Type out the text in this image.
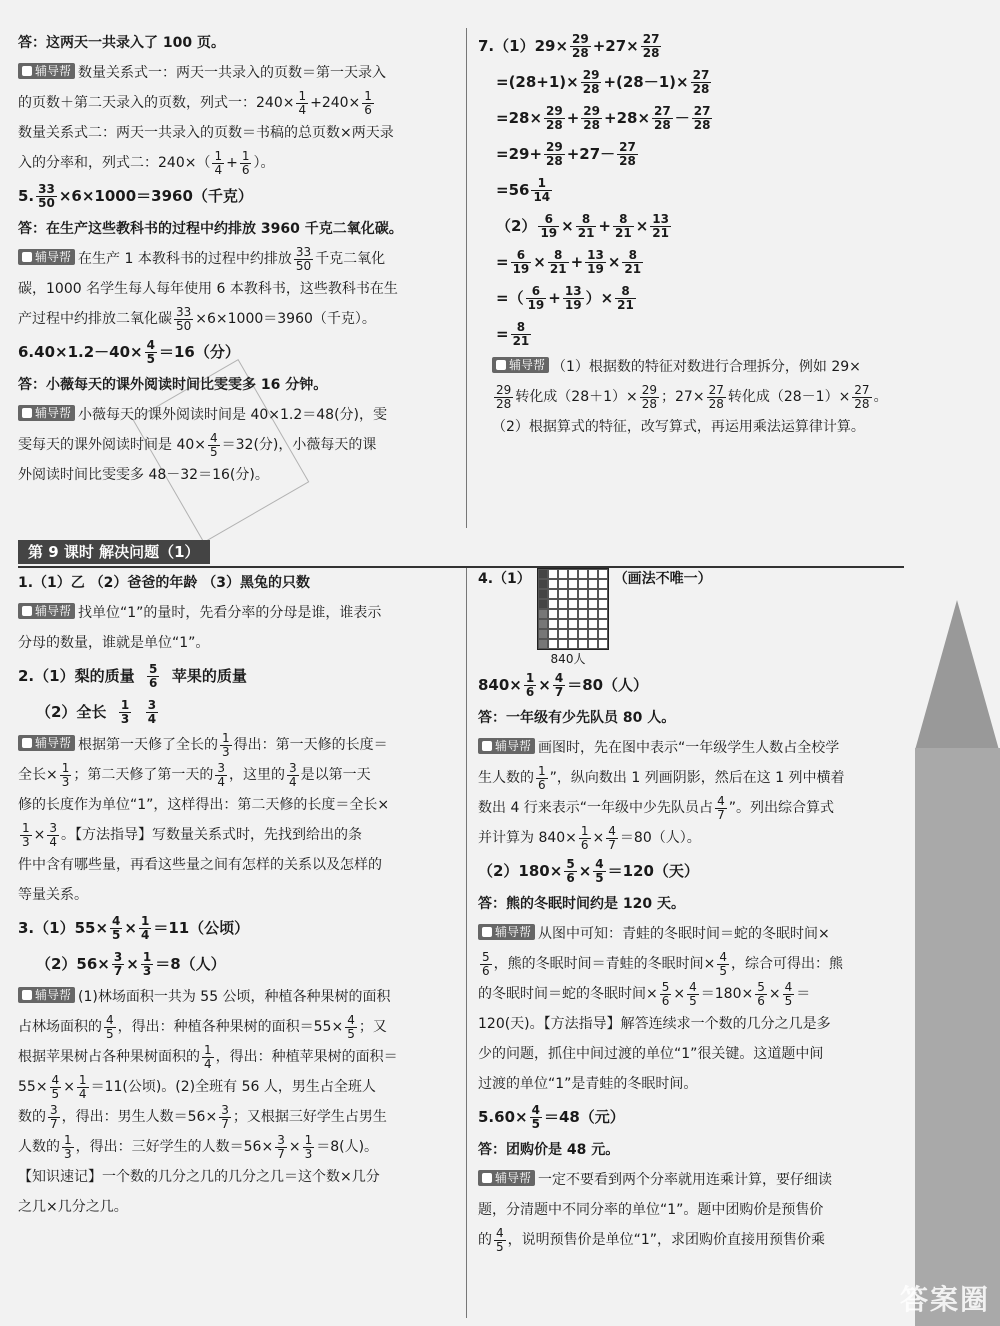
答：这两天一共录入了 100 页。
辅导帮 数量关系式一：两天一共录入的页数＝第一天录入
的页数＋第二天录入的页数，列式一：$240\times \frac{1}{4} +240\times \frac{1}{6}$
数量关系式二：两天一共录入的页数＝书稿的总页数×两天录
入的分率和，列式二：$240\times( \frac{1}{4} + \frac{1}{6}$ ）。
5. $\frac{33}{50} \times 6\times 1000=3960$（千克）
答：在生产这些教科书的过程中约排放 3960 千克二氧化碳。
辅导帮 在生产 1 本教科书的过程中约排放 $\frac{33}{50}$ 千克二氧化
碳，1000 名学生每人每年使用 6 本教科书，这些教科书在生
产过程中约排放二氧化碳 $\frac{33}{50} \times 6\times 1000=3960$（千克）。
$6.40\times 1.2-40\times \frac{4}{5} =16$（分）
答：小薇每天的课外阅读时间比雯雯多 16 分钟。
辅导帮 小薇每天的课外阅读时间是 40×1.2＝48(分)，雯
雯每天的课外阅读时间是 $40\times \frac{4}{5} =32$(分)，小薇每天的课
外阅读时间比雯雯多 48－32＝16(分)。
$7.(1)29\times \frac{29}{28} +27\times \frac{27}{28}$
$=(28+1)\times \frac{29}{28} +(28-1)\times \frac{27}{28}$
$=28\times \frac{29}{28} + \frac{29}{28} +28\times \frac{27}{28} - \frac{27}{28}$
$=29+ \frac{29}{28} +27- \frac{27}{28}$
$=56 \frac{1}{14}$
$(2) \frac{6}{19} \times \frac{8}{21} + \frac{8}{21} \times \frac{13}{21}$
= $\frac{6}{19} \times \frac{8}{21} + \frac{13}{19} \times \frac{8}{21}$
=（ $\frac{6}{19} + \frac{13}{19}$ ）× $\frac{8}{21}$
= $\frac{8}{21}$
辅导帮 （1）根据数的特征对数进行合理拆分，例如 29×
$\frac{29}{28}$ 转化成$(28+1)\times \frac{29}{28}$ ；$27\times \frac{27}{28}$ 转化成$(28-1)\times \frac{27}{28}$ 。
（2）根据算式的特征，改写算式，再运用乘法运算律计算。
第 9 课时 解决问题（1）
1.（1）乙 （2）爸爸的年龄 （3）黑兔的只数
辅导帮 找单位“1”的量时，先看分率的分母是谁，谁表示
分母的数量，谁就是单位“1”。
2.（1）梨的质量 $\frac{5}{6}$ 苹果的质量
（2）全长 $\frac{1}{3}$
$\frac{3}{4}$
辅导帮 根据第一天修了全长的 $\frac{1}{3}$ 得出：第一天修的长度＝
全长× $\frac{1}{3}$ ；第二天修了第一天的 $\frac{3}{4}$ ，这里的 $\frac{3}{4}$ 是以第一天
修的长度作为单位“1”，这样得出：第二天修的长度＝全长×
$\frac{1}{3} \times \frac{3}{4}$ 。【方法指导】写数量关系式时，先找到给出的条
件中含有哪些量，再看这些量之间有怎样的关系以及怎样的
等量关系。
$3.(1)55\times \frac{4}{5} \times \frac{1}{4} =11$（公顷）
$(2)56\times \frac{3}{7} \times \frac{1}{3} =8$（人）
辅导帮 (1)林场面积一共为 55 公顷，种植各种果树的面积
占林场面积的 $\frac{4}{5}$ ，得出：种植各种果树的面积$=55\times \frac{4}{5}$ ；又
根据苹果树占各种果树面积的 $\frac{1}{4}$ ，得出：种植苹果树的面积＝
$55\times \frac{4}{5} \times \frac{1}{4} =11$(公顷)。(2)全班有 56 人，男生占全班人
数的 $\frac{3}{7}$ ，得出：男生人数$=56\times \frac{3}{7}$ ；又根据三好学生占男生
人数的 $\frac{1}{3}$ ，得出：三好学生的人数$=56\times \frac{3}{7} \times \frac{1}{3} =8$(人)。
【知识速记】一个数的几分之几的几分之几＝这个数×几分
之几×几分之几。
4.（1）	（画法不唯一）
840人
$840\times \frac{1}{6} \times \frac{4}{7} =80$（人）
答：一年级有少先队员 80 人。
辅导帮 画图时，先在图中表示“一年级学生人数占全校学
生人数的 $\frac{1}{6}$ ”，纵向数出 1 列画阴影，然后在这 1 列中横着
数出 4 行来表示“一年级中少先队员占 $\frac{4}{7}$ ”。列出综合算式
并计算为 $840\times \frac{1}{6} \times \frac{4}{7} =80$（人）。
$(2)180\times \frac{5}{6} \times \frac{4}{5} =120$（天）
答：熊的冬眠时间约是 120 天。
辅导帮 从图中可知：青蛙的冬眠时间＝蛇的冬眠时间×
$\frac{5}{6}$ ，熊的冬眠时间＝青蛙的冬眠时间× $\frac{4}{5}$ ，综合可得出：熊
的冬眠时间＝蛇的冬眠时间× $\frac{5}{6} \times \frac{4}{5} =180\times \frac{5}{6} \times \frac{4}{5}$ ＝
120(天)。【方法指导】解答连续求一个数的几分之几是多
少的问题，抓住中间过渡的单位“1”很关键。这道题中间
过渡的单位“1”是青蛙的冬眠时间。
$5.60\times \frac{4}{5} =48$（元）
答：团购价是 48 元。
辅导帮 一定不要看到两个分率就用连乘计算，要仔细读
题，分清题中不同分率的单位“1”。题中团购价是预售价
的 $\frac{4}{5}$ ，说明预售价是单位“1”，求团购价直接用预售价乘
答案圈
